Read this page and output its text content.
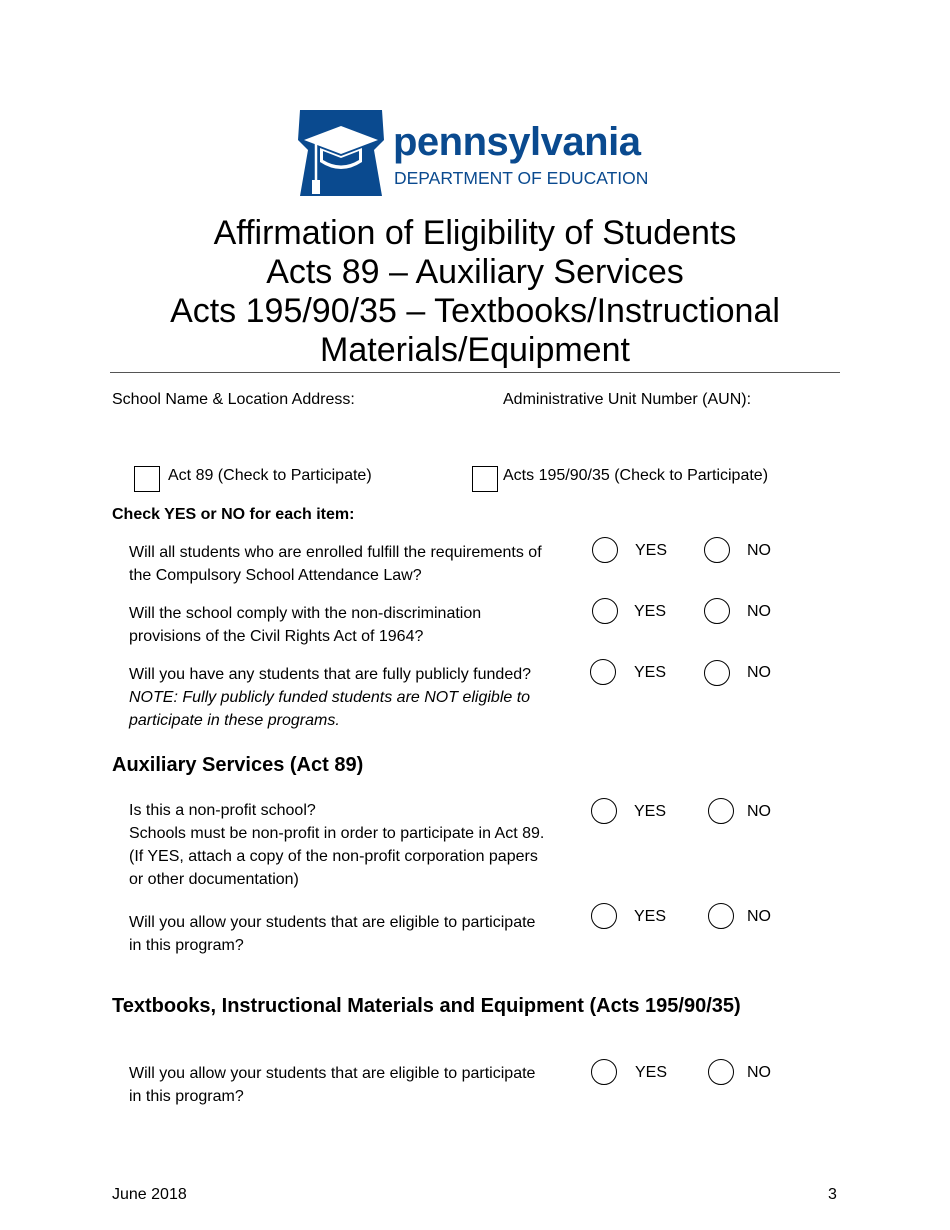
pennsylvania
DEPARTMENT OF EDUCATION
Affirmation of Eligibility of Students
Acts 89 – Auxiliary Services
Acts 195/90/35 – Textbooks/Instructional
Materials/Equipment
School Name & Location Address:	Administrative Unit Number (AUN):
Act 89 (Check to Participate)	Acts 195/90/35 (Check to Participate)
Check YES or NO for each item:
Will all students who are enrolled fulfill the requirements of
the Compulsory School Attendance Law?
YES	NO
Will the school comply with the non-discrimination
provisions of the Civil Rights Act of 1964?
YES	NO
Will you have any students that are fully publicly funded?
NOTE: Fully publicly funded students are NOT eligible to
participate in these programs.
YES	NO
Auxiliary Services (Act 89)
Is this a non-profit school?
Schools must be non-profit in order to participate in Act 89.
(If YES, attach a copy of the non-profit corporation papers
or other documentation)
YES	NO
Will you allow your students that are eligible to participate
in this program?
YES	NO
Textbooks, Instructional Materials and Equipment (Acts 195/90/35)
Will you allow your students that are eligible to participate
in this program?
YES	NO
June 2018	3
